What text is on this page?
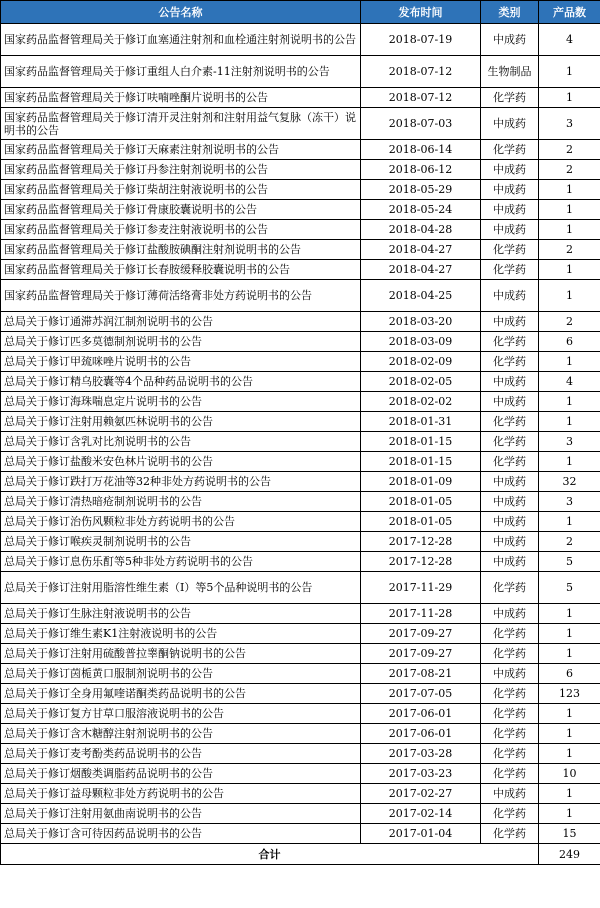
公告名称	发布时间	类别	产品数
国家药品监督管理局关于修订血塞通注射剂和血栓通注射剂说明书的公告	2018-07-19	中成药	4
国家药品监督管理局关于修订重组人白介素-11注射剂说明书的公告	2018-07-12	生物制品	1
国家药品监督管理局关于修订呋喃唑酮片说明书的公告	2018-07-12	化学药	1
国家药品监督管理局关于修订清开灵注射剂和注射用益气复脉（冻干）说明书的公告	2018-07-03	中成药	3
国家药品监督管理局关于修订天麻素注射剂说明书的公告	2018-06-14	化学药	2
国家药品监督管理局关于修订丹参注射剂说明书的公告	2018-06-12	中成药	2
国家药品监督管理局关于修订柴胡注射液说明书的公告	2018-05-29	中成药	1
国家药品监督管理局关于修订骨康胶囊说明书的公告	2018-05-24	中成药	1
国家药品监督管理局关于修订参麦注射液说明书的公告	2018-04-28	中成药	1
国家药品监督管理局关于修订盐酸胺碘酮注射剂说明书的公告	2018-04-27	化学药	2
国家药品监督管理局关于修订长春胺缓释胶囊说明书的公告	2018-04-27	化学药	1
国家药品监督管理局关于修订薄荷活络膏非处方药说明书的公告	2018-04-25	中成药	1
总局关于修订通滞苏润江制剂说明书的公告	2018-03-20	中成药	2
总局关于修订匹多莫德制剂说明书的公告	2018-03-09	化学药	6
总局关于修订甲巯咪唑片说明书的公告	2018-02-09	化学药	1
总局关于修订精乌胶囊等4个品种药品说明书的公告	2018-02-05	中成药	4
总局关于修订海珠喘息定片说明书的公告	2018-02-02	中成药	1
总局关于修订注射用赖氨匹林说明书的公告	2018-01-31	化学药	1
总局关于修订含乳对比剂说明书的公告	2018-01-15	化学药	3
总局关于修订盐酸米安色林片说明书的公告	2018-01-15	化学药	1
总局关于修订跌打万花油等32种非处方药说明书的公告	2018-01-09	中成药	32
总局关于修订清热暗疮制剂说明书的公告	2018-01-05	中成药	3
总局关于修订治伤风颗粒非处方药说明书的公告	2018-01-05	中成药	1
总局关于修订喉疾灵制剂说明书的公告	2017-12-28	中成药	2
总局关于修订息伤乐酊等5种非处方药说明书的公告	2017-12-28	中成药	5
总局关于修订注射用脂溶性维生素（Ⅰ）等5个品种说明书的公告	2017-11-29	化学药	5
总局关于修订生脉注射液说明书的公告	2017-11-28	中成药	1
总局关于修订维生素K1注射液说明书的公告	2017-09-27	化学药	1
总局关于修订注射用硫酸普拉睾酮钠说明书的公告	2017-09-27	化学药	1
总局关于修订茵栀黄口服制剂说明书的公告	2017-08-21	中成药	6
总局关于修订全身用氟喹诺酮类药品说明书的公告	2017-07-05	化学药	123
总局关于修订复方甘草口服溶液说明书的公告	2017-06-01	化学药	1
总局关于修订含木糖醇注射剂说明书的公告	2017-06-01	化学药	1
总局关于修订麦考酚类药品说明书的公告	2017-03-28	化学药	1
总局关于修订烟酸类调脂药品说明书的公告	2017-03-23	化学药	10
总局关于修订益母颗粒非处方药说明书的公告	2017-02-27	中成药	1
总局关于修订注射用氨曲南说明书的公告	2017-02-14	化学药	1
总局关于修订含可待因药品说明书的公告	2017-01-04	化学药	15
合计			249
